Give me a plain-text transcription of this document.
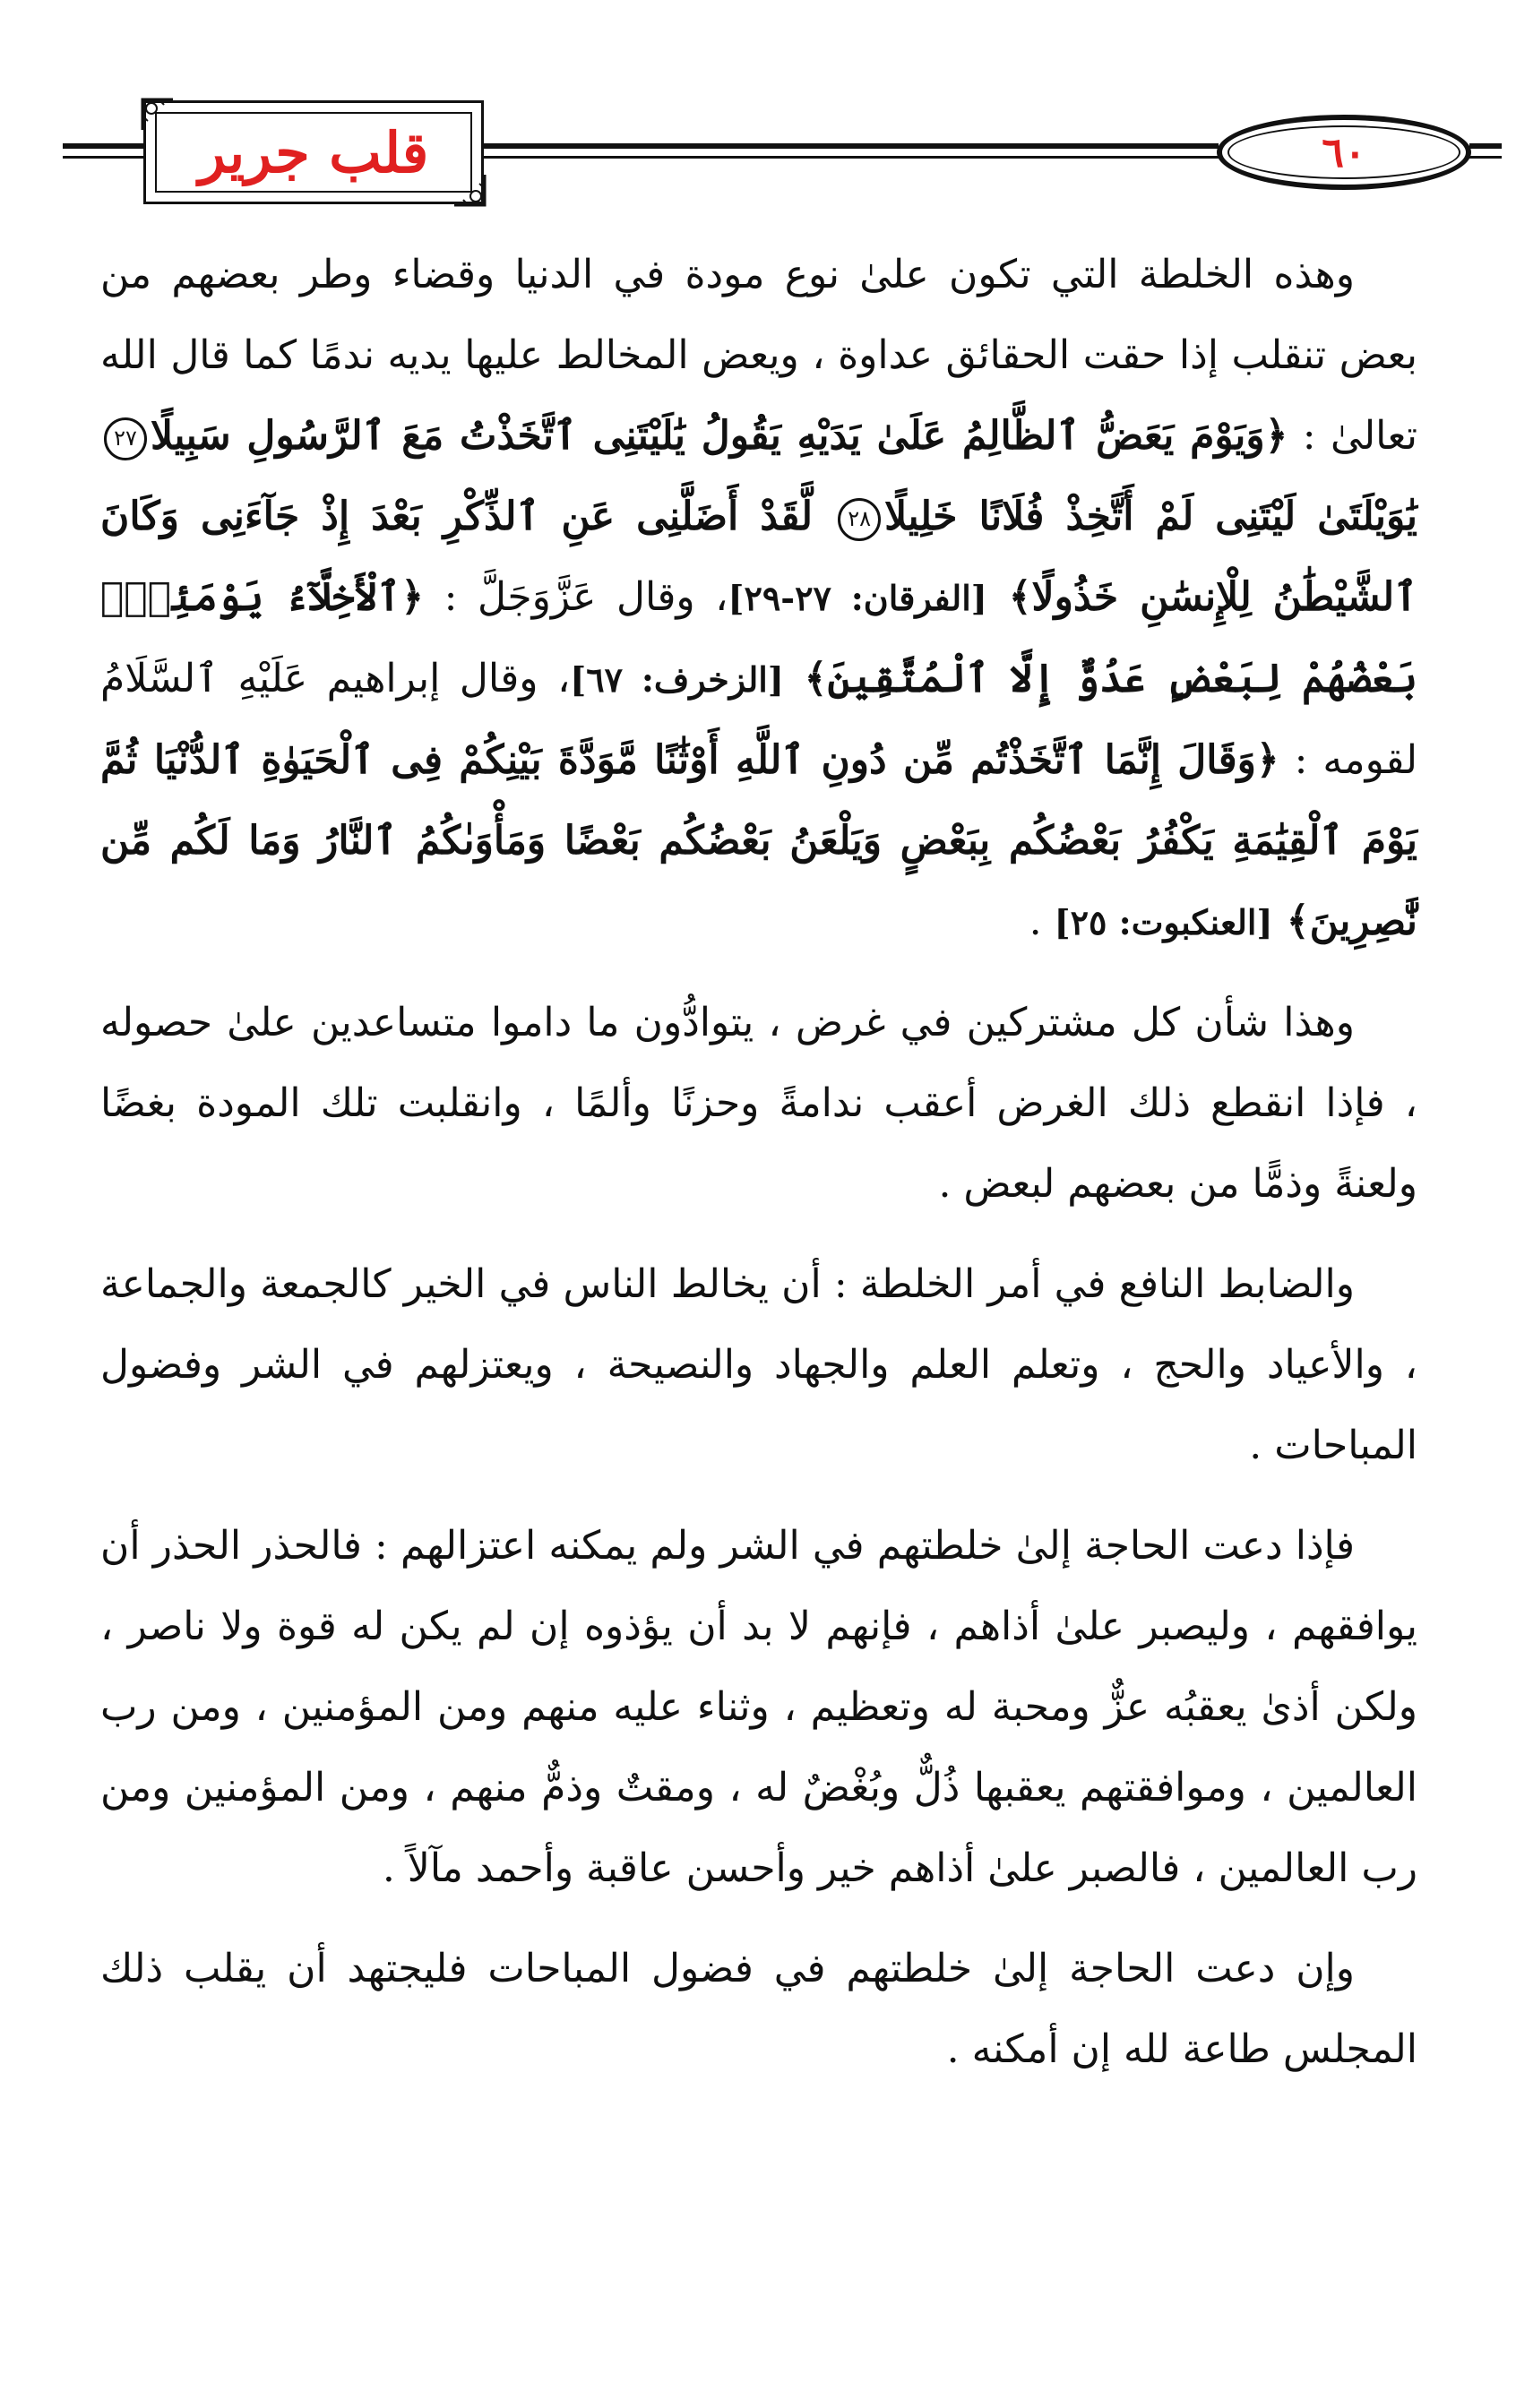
قلب جرير	٦٠

وهذه الخلطة التي تكون علىٰ نوع مودة في الدنيا وقضاء وطر بعضهم من بعض تنقلب إذا حقت الحقائق عداوة ، ويعض المخالط عليها يديه ندمًا كما قال الله تعالىٰ : ﴿وَيَوْمَ يَعَضُّ ٱلظَّالِمُ عَلَىٰ يَدَيْهِ يَقُولُ يَٰلَيْتَنِى ٱتَّخَذْتُ مَعَ ٱلرَّسُولِ سَبِيلًا٢٧ يَٰوَيْلَتَىٰ لَيْتَنِى لَمْ أَتَّخِذْ فُلَانًا خَلِيلًا٢٨ لَّقَدْ أَضَلَّنِى عَنِ ٱلذِّكْرِ بَعْدَ إِذْ جَآءَنِى وَكَانَ ٱلشَّيْطَٰنُ لِلْإِنسَٰنِ خَذُولًا﴾ [الفرقان: ٢٧-٢٩]، وقال عَزَّوَجَلَّ : ﴿ٱلْأَخِلَّآءُ يَوْمَئِذٍۭ بَعْضُهُمْ لِبَعْضٍ عَدُوٌّ إِلَّا ٱلْمُتَّقِينَ﴾ [الزخرف: ٦٧]، وقال إبراهيم عَلَيْهِ ٱلسَّلَامُ لقومه : ﴿وَقَالَ إِنَّمَا ٱتَّخَذْتُم مِّن دُونِ ٱللَّهِ أَوْثَٰنًا مَّوَدَّةَ بَيْنِكُمْ فِى ٱلْحَيَوٰةِ ٱلدُّنْيَا ثُمَّ يَوْمَ ٱلْقِيَٰمَةِ يَكْفُرُ بَعْضُكُم بِبَعْضٍ وَيَلْعَنُ بَعْضُكُم بَعْضًا وَمَأْوَىٰكُمُ ٱلنَّارُ وَمَا لَكُم مِّن نَّٰصِرِينَ﴾ [العنكبوت: ٢٥] .

وهذا شأن كل مشتركين في غرض ، يتوادُّون ما داموا متساعدين علىٰ حصوله ، فإذا انقطع ذلك الغرض أعقب ندامةً وحزنًا وألمًا ، وانقلبت تلك المودة بغضًا ولعنةً وذمًّا من بعضهم لبعض .

والضابط النافع في أمر الخلطة : أن يخالط الناس في الخير كالجمعة والجماعة ، والأعياد والحج ، وتعلم العلم والجهاد والنصيحة ، ويعتزلهم في الشر وفضول المباحات .

فإذا دعت الحاجة إلىٰ خلطتهم في الشر ولم يمكنه اعتزالهم : فالحذر الحذر أن يوافقهم ، وليصبر علىٰ أذاهم ، فإنهم لا بد أن يؤذوه إن لم يكن له قوة ولا ناصر ، ولكن أذىٰ يعقبُه عزٌّ ومحبة له وتعظيم ، وثناء عليه منهم ومن المؤمنين ، ومن رب العالمين ، وموافقتهم يعقبها ذُلٌّ وبُغْضٌ له ، ومقتٌ وذمٌّ منهم ، ومن المؤمنين ومن رب العالمين ، فالصبر علىٰ أذاهم خير وأحسن عاقبة وأحمد مآلاً .

وإن دعت الحاجة إلىٰ خلطتهم في فضول المباحات فليجتهد أن يقلب ذلك المجلس طاعة لله إن أمكنه .
